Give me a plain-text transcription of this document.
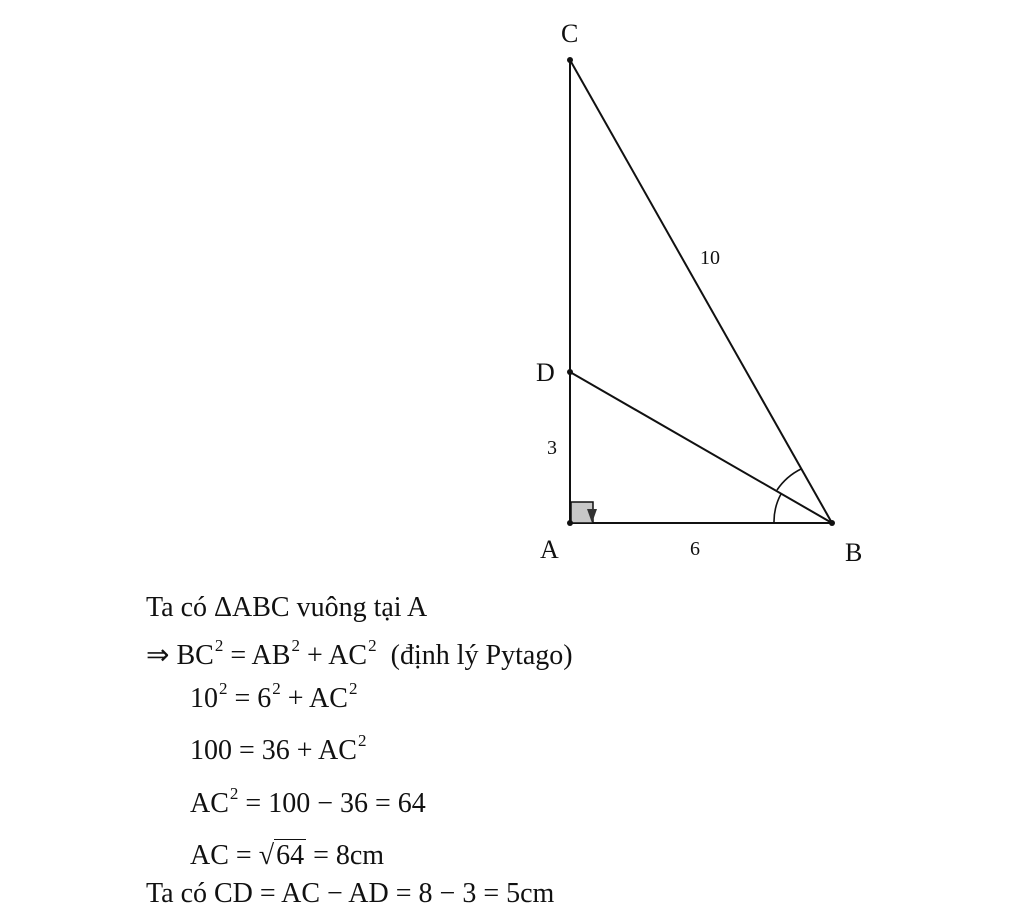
C
D
A	B
10
3
6
Ta có ΔABC vuông tại A
⇒ $BC^2 = AB^2 + AC^2$ (định lý Pytago)
$10^2 = 6^2 + AC^2$
$100 = 36 + AC^2$
$AC^2 = 100 - 36 = 64$
AC = √64 = 8cm
Ta có CD = AC − AD = 8 − 3 = 5cm
